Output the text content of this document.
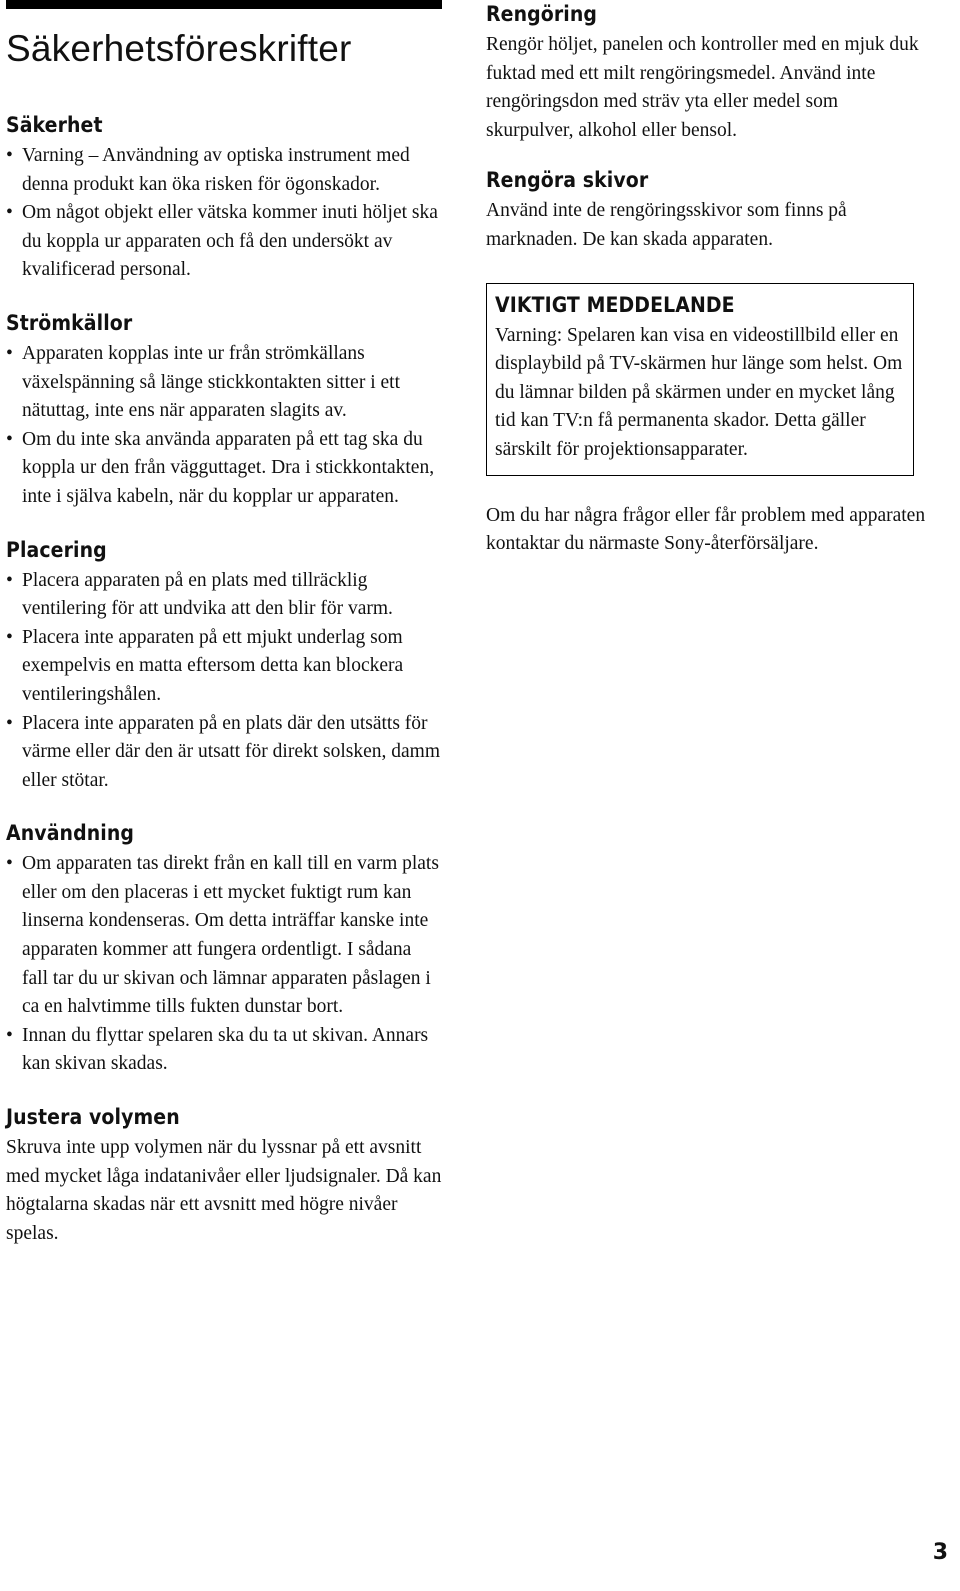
Säkerhetsföreskrifter
Säkerhet
• Varning – Användning av optiska instrument med denna produkt kan öka risken för ögonskador.
• Om något objekt eller vätska kommer inuti höljet ska du koppla ur apparaten och få den undersökt av kvalificerad personal.
Strömkällor
• Apparaten kopplas inte ur från strömkällans växelspänning så länge stickkontakten sitter i ett nätuttag, inte ens när apparaten slagits av.
• Om du inte ska använda apparaten på ett tag ska du koppla ur den från vägguttaget. Dra i stickkontakten, inte i själva kabeln, när du kopplar ur apparaten.
Placering
• Placera apparaten på en plats med tillräcklig ventilering för att undvika att den blir för varm.
• Placera inte apparaten på ett mjukt underlag som exempelvis en matta eftersom detta kan blockera ventileringshålen.
• Placera inte apparaten på en plats där den utsätts för värme eller där den är utsatt för direkt solsken, damm eller stötar.
Användning
• Om apparaten tas direkt från en kall till en varm plats eller om den placeras i ett mycket fuktigt rum kan linserna kondenseras. Om detta inträffar kanske inte apparaten kommer att fungera ordentligt. I sådana fall tar du ur skivan och lämnar apparaten påslagen i ca en halvtimme tills fukten dunstar bort.
• Innan du flyttar spelaren ska du ta ut skivan. Annars kan skivan skadas.
Justera volymen

Skruva inte upp volymen när du lyssnar på ett avsnitt med mycket låga indatanivåer eller ljudsignaler. Då kan högtalarna skadas när ett avsnitt med högre nivåer spelas.

Rengöring

Rengör höljet, panelen och kontroller med en mjuk duk fuktad med ett milt rengöringsmedel. Använd inte rengöringsdon med sträv yta eller medel som skurpulver, alkohol eller bensol.

Rengöra skivor

Använd inte de rengöringsskivor som finns på marknaden. De kan skada apparaten.

VIKTIGT MEDDELANDE

Varning: Spelaren kan visa en videostillbild eller en displaybild på TV-skärmen hur länge som helst. Om du lämnar bilden på skärmen under en mycket lång tid kan TV:n få permanenta skador. Detta gäller särskilt för projektionsapparater.

Om du har några frågor eller får problem med apparaten kontaktar du närmaste Sony-återförsäljare.

3
